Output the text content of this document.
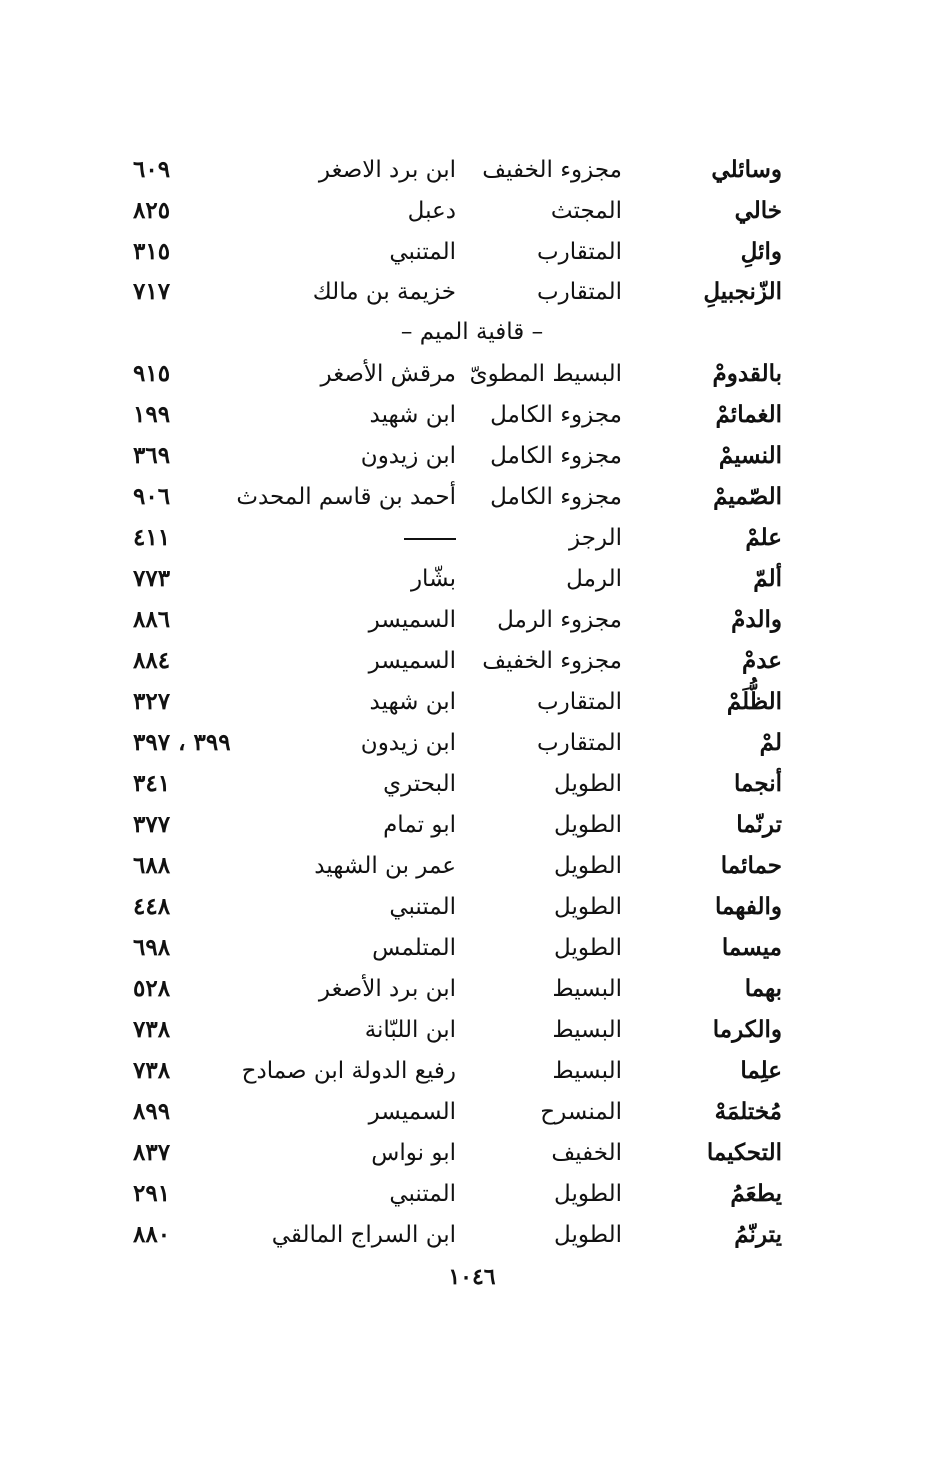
وسائلي
مجزوء الخفيف
ابن برد الاصغر
٦٠٩
خالي
المجتث
دعبل
٨٢٥
وائلِ
المتقارب
المتنبي
٣١٥
الزّنجبيلِ
المتقارب
خزيمة بن مالك
٧١٧
– قافية الميم –
بالقدومْ
البسيط المطوىّ
مرقش الأصغر
٩١٥
الغمائمْ
مجزوء الكامل
ابن شهيد
١٩٩
النسيمْ
مجزوء الكامل
ابن زيدون
٣٦٩
الصّميمْ
مجزوء الكامل
أحمد بن قاسم المحدث
٩٠٦
علمْ
الرجز
٤١١
ألمّ
الرمل
بشّار
٧٧٣
والدمْ
مجزوء الرمل
السميسر
٨٨٦
عدمْ
مجزوء الخفيف
السميسر
٨٨٤
الظُّلَمْ
المتقارب
ابن شهيد
٣٢٧
لمْ
المتقارب
ابن زيدون
٣٩٩ ، ٣٩٧
أنجما
الطويل
البحتري
٣٤١
ترنّما
الطويل
ابو تمام
٣٧٧
حمائما
الطويل
عمر بن الشهيد
٦٨٨
والفهما
الطويل
المتنبي
٤٤٨
ميسما
الطويل
المتلمس
٦٩٨
بهما
البسيط
ابن برد الأصغر
٥٢٨
والكرما
البسيط
ابن اللبّانة
٧٣٨
علِما
البسيط
رفيع الدولة ابن صمادح
٧٣٨
مُختلمَهْ
المنسرح
السميسر
٨٩٩
التحكيما
الخفيف
ابو نواس
٨٣٧
يطعَمُ
الطويل
المتنبي
٢٩١
يترنّمُ
الطويل
ابن السراج المالقي
٨٨٠
١٠٤٦
